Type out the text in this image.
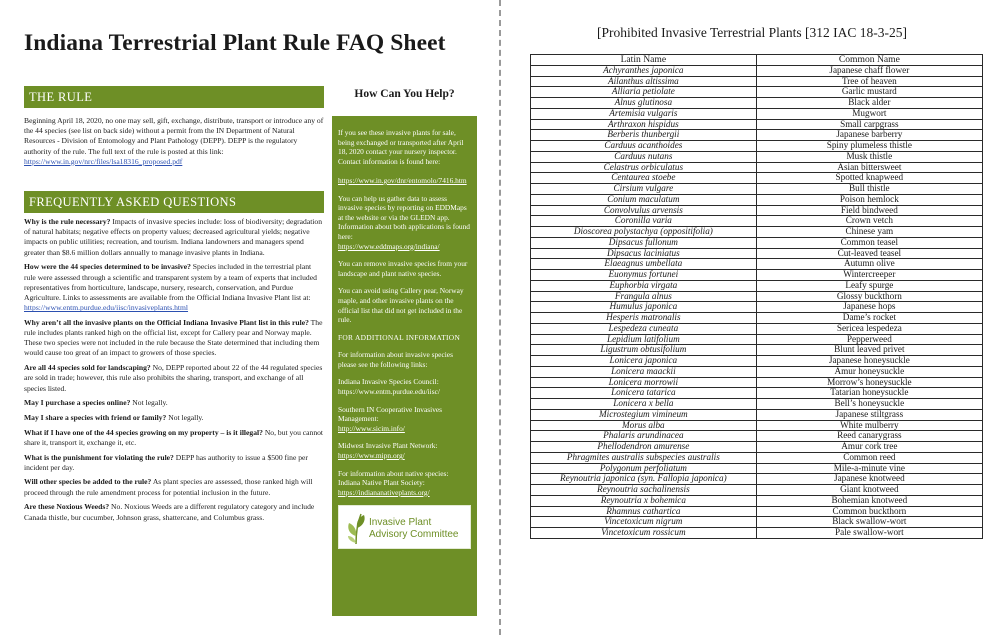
Indiana Terrestrial Plant Rule FAQ Sheet
THE RULE
Beginning April 18, 2020, no one may sell, gift, exchange, distribute, transport or introduce any of the 44 species (see list on back side) without a permit from the IN Department of Natural Resources - Division of Entomology and Plant Pathology (DEPP). DEPP is the regulatory authority of the rule. The full text of the rule is posted at this link: https://www.in.gov/nrc/files/lsa18316_proposed.pdf
FREQUENTLY ASKED QUESTIONS

Why is the rule necessary? Impacts of invasive species include: loss of biodiversity; degradation of natural habitats; negative effects on property values; decreased agricultural yields; negative impacts on public utilities; recreation, and tourism. Indiana landowners and managers spend greater than $8.6 million dollars annually to manage invasive plants in Indiana.

How were the 44 species determined to be invasive? Species included in the terrestrial plant rule were assessed through a scientific and transparent system by a team of experts that included representatives from horticulture, landscape, nursery, research, conservation, and Purdue Agriculture. Links to assessments are available from the Official Indiana Invasive Plant list at: https://www.entm.purdue.edu/iisc/invasiveplants.html

Why aren’t all the invasive plants on the Official Indiana Invasive Plant list in this rule? The rule includes plants ranked high on the official list, except for Callery pear and Norway maple. These two species were not included in the rule because the State determined that including them would cause too great of an impact to growers of those species.

Are all 44 species sold for landscaping? No, DEPP reported about 22 of the 44 regulated species are sold in trade; however, this rule also prohibits the sharing, transport, and exchange of all species listed.

May I purchase a species online? Not legally.

May I share a species with friend or family? Not legally.

What if I have one of the 44 species growing on my property – is it illegal? No, but you cannot share it, transport it, exchange it, etc.

What is the punishment for violating the rule? DEPP has authority to issue a $500 fine per incident per day.

Will other species be added to the rule? As plant species are assessed, those ranked high will proceed through the rule amendment process for potential inclusion in the future.

Are these Noxious Weeds? No. Noxious Weeds are a different regulatory category and include Canada thistle, bur cucumber, Johnson grass, shattercane, and Columbus grass.

How Can You Help?

If you see these invasive plants for sale, being exchanged or transported after April 18, 2020 contact your nursery inspector. Contact information is found here:

https://www.in.gov/dnr/entomolo/7416.htm

You can help us gather data to assess invasive species by reporting on EDDMaps at the website or via the GLEDN app. Information about both applications is found here:
https://www.eddmaps.org/indiana/

You can remove invasive species from your landscape and plant native species.

You can avoid using Callery pear, Norway maple, and other invasive plants on the official list that did not get included in the rule.

FOR ADDITIONAL INFORMATION

For information about invasive species please see the following links:

Indiana Invasive Species Council:
https://www.entm.purdue.edu/iisc/

Southern IN Cooperative Invasives Management:
http://www.sicim.info/

Midwest Invasive Plant Network:
https://www.mipn.org/

For information about native species: Indiana Native Plant Society:
https://indiananativeplants.org/

Invasive Plant
Advisory Committee
[Prohibited Invasive Terrestrial Plants [312 IAC 18-3-25]
Latin Name	Common Name
Achyranthes japonica	Japanese chaff flower
Ailanthus altissima	Tree of heaven
Alliaria petiolate	Garlic mustard
Alnus glutinosa	Black alder
Artemisia vulgaris	Mugwort
Arthraxon hispidus	Small carpgrass
Berberis thunbergii	Japanese barberry
Carduus acanthoides	Spiny plumeless thistle
Carduus nutans	Musk thistle
Celastrus orbiculatus	Asian bittersweet
Centaurea stoebe	Spotted knapweed
Cirsium vulgare	Bull thistle
Conium maculatum	Poison hemlock
Convolvulus arvensis	Field bindweed
Coronilla varia	Crown vetch
Dioscorea polystachya (oppositifolia)	Chinese yam
Dipsacus fullonum	Common teasel
Dipsacus laciniatus	Cut-leaved teasel
Elaeagnus umbellata	Autumn olive
Euonymus fortunei	Wintercreeper
Euphorbia virgata	Leafy spurge
Frangula alnus	Glossy buckthorn
Humulus japonica	Japanese hops
Hesperis matronalis	Dame’s rocket
Lespedeza cuneata	Sericea lespedeza
Lepidium latifolium	Pepperweed
Ligustrum obtusifolium	Blunt leaved privet
Lonicera japonica	Japanese honeysuckle
Lonicera maackii	Amur honeysuckle
Lonicera morrowii	Morrow’s honeysuckle
Lonicera tatarica	Tatarian honeysuckle
Lonicera x bella	Bell’s honeysuckle
Microstegium vimineum	Japanese stiltgrass
Morus alba	White mulberry
Phalaris arundinacea	Reed canarygrass
Phellodendron amurense	Amur cork tree
Phragmites australis subspecies australis	Common reed
Polygonum perfoliatum	Mile-a-minute vine
Reynoutria japonica (syn. Fallopia japonica)	Japanese knotweed
Reynoutria sachalinensis	Giant knotweed
Reynoutria x bohemica	Bohemian knotweed
Rhamnus cathartica	Common buckthorn
Vincetoxicum nigrum	Black swallow-wort
Vincetoxicum rossicum	Pale swallow-wort
